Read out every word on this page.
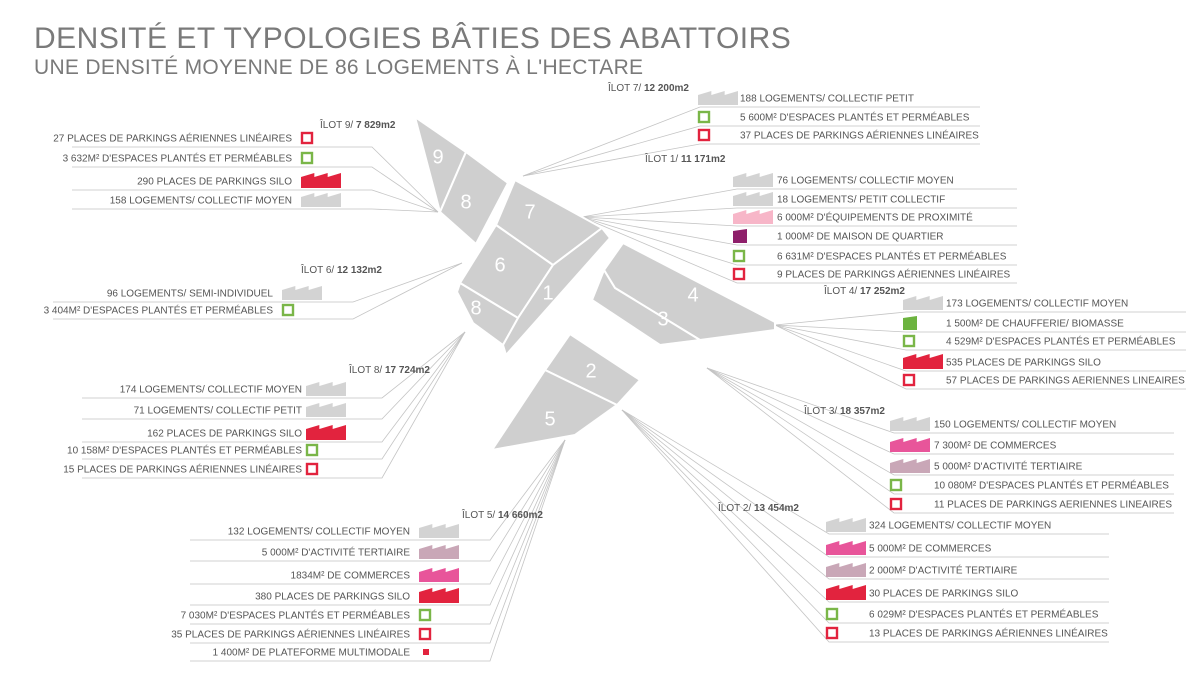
DENSITÉ ET TYPOLOGIES BÂTIES DES ABATTOIRS
UNE DENSITÉ MOYENNE DE 86 LOGEMENTS À L'HECTARE
9
8	7
6
8
1	4
3
2
5
ÎLOT 7/ 12 200m2
188 LOGEMENTS/ COLLECTIF PETIT
5 600M² D'ESPACES PLANTÉS ET PERMÉABLES
37 PLACES DE PARKINGS AÉRIENNES LINÉAIRES
ÎLOT 9/ 7 829m2
27 PLACES DE PARKINGS AÉRIENNES LINÉAIRES
3 632M² D'ESPACES PLANTÉS ET PERMÉABLES
290 PLACES DE PARKINGS SILO
158 LOGEMENTS/ COLLECTIF MOYEN
ÎLOT 1/ 11 171m2
76 LOGEMENTS/ COLLECTIF MOYEN
18 LOGEMENTS/ PETIT COLLECTIF
6 000M² D'ÉQUIPEMENTS DE PROXIMITÉ
1 000M² DE MAISON DE QUARTIER
6 631M² D'ESPACES PLANTÉS ET PERMÉABLES
9 PLACES DE PARKINGS AÉRIENNES LINÉAIRES
ÎLOT 6/ 12 132m2
96 LOGEMENTS/ SEMI-INDIVIDUEL
3 404M² D'ESPACES PLANTÉS ET PERMÉABLES
ÎLOT 4/ 17 252m2
173 LOGEMENTS/ COLLECTIF MOYEN
1 500M² DE CHAUFFERIE/ BIOMASSE
4 529M² D'ESPACES PLANTÉS ET PERMÉABLES
535 PLACES DE PARKINGS SILO
57 PLACES DE PARKINGS AERIENNES LINEAIRES
ÎLOT 8/ 17 724m2
174 LOGEMENTS/ COLLECTIF MOYEN
71 LOGEMENTS/ COLLECTIF PETIT
162 PLACES DE PARKINGS SILO
10 158M² D'ESPACES PLANTÉS ET PERMÉABLES
15 PLACES DE PARKINGS AÉRIENNES LINÉAIRES
ÎLOT 3/ 18 357m2
150 LOGEMENTS/ COLLECTIF MOYEN
7 300M² DE COMMERCES
5 000M² D'ACTIVITÉ TERTIAIRE
10 080M² D'ESPACES PLANTÉS ET PERMÉABLES
11 PLACES DE PARKINGS AERIENNES LINEAIRES
ÎLOT 5/ 14 660m2
132 LOGEMENTS/ COLLECTIF MOYEN
5 000M² D'ACTIVITÉ TERTIAIRE
1834M² DE COMMERCES
380 PLACES DE PARKINGS SILO
7 030M² D'ESPACES PLANTÉS ET PERMÉABLES
35 PLACES DE PARKINGS AÉRIENNES LINÉAIRES
1 400M² DE PLATEFORME MULTIMODALE
ÎLOT 2/ 13 454m2
324 LOGEMENTS/ COLLECTIF MOYEN
5 000M² DE COMMERCES
2 000M² D'ACTIVITÉ TERTIAIRE
30 PLACES DE PARKINGS SILO
6 029M² D'ESPACES PLANTÉS ET PERMÉABLES
13 PLACES DE PARKINGS AÉRIENNES LINÉAIRES
